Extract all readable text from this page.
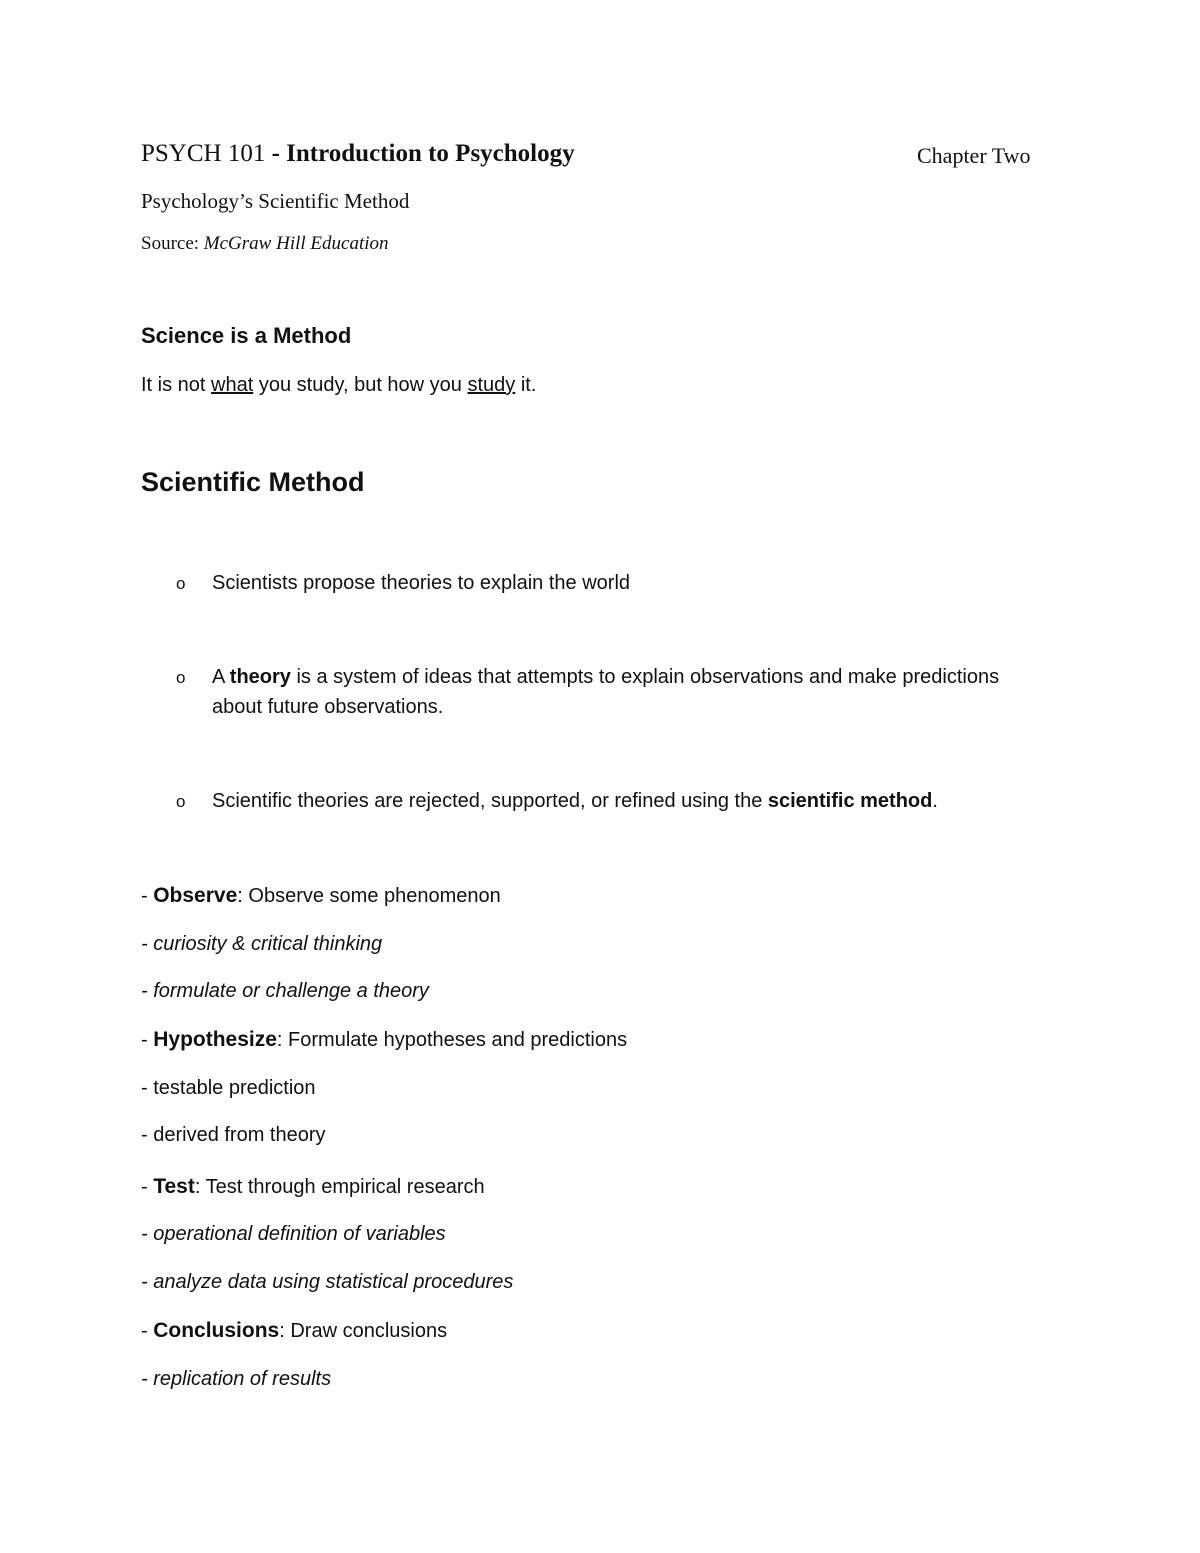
PSYCH 101 - Introduction to Psychology	Chapter Two
Psychology’s Scientific Method
Source: McGraw Hill Education
Science is a Method
It is not what you study, but how you study it.
Scientific Method
o Scientists propose theories to explain the world
o A theory is a system of ideas that attempts to explain observations and make predictions about future observations.
o Scientific theories are rejected, supported, or refined using the scientific method.
- Observe: Observe some phenomenon
- curiosity & critical thinking
- formulate or challenge a theory
- Hypothesize: Formulate hypotheses and predictions
- testable prediction
- derived from theory
- Test: Test through empirical research
- operational definition of variables
- analyze data using statistical procedures
- Conclusions: Draw conclusions
- replication of results
